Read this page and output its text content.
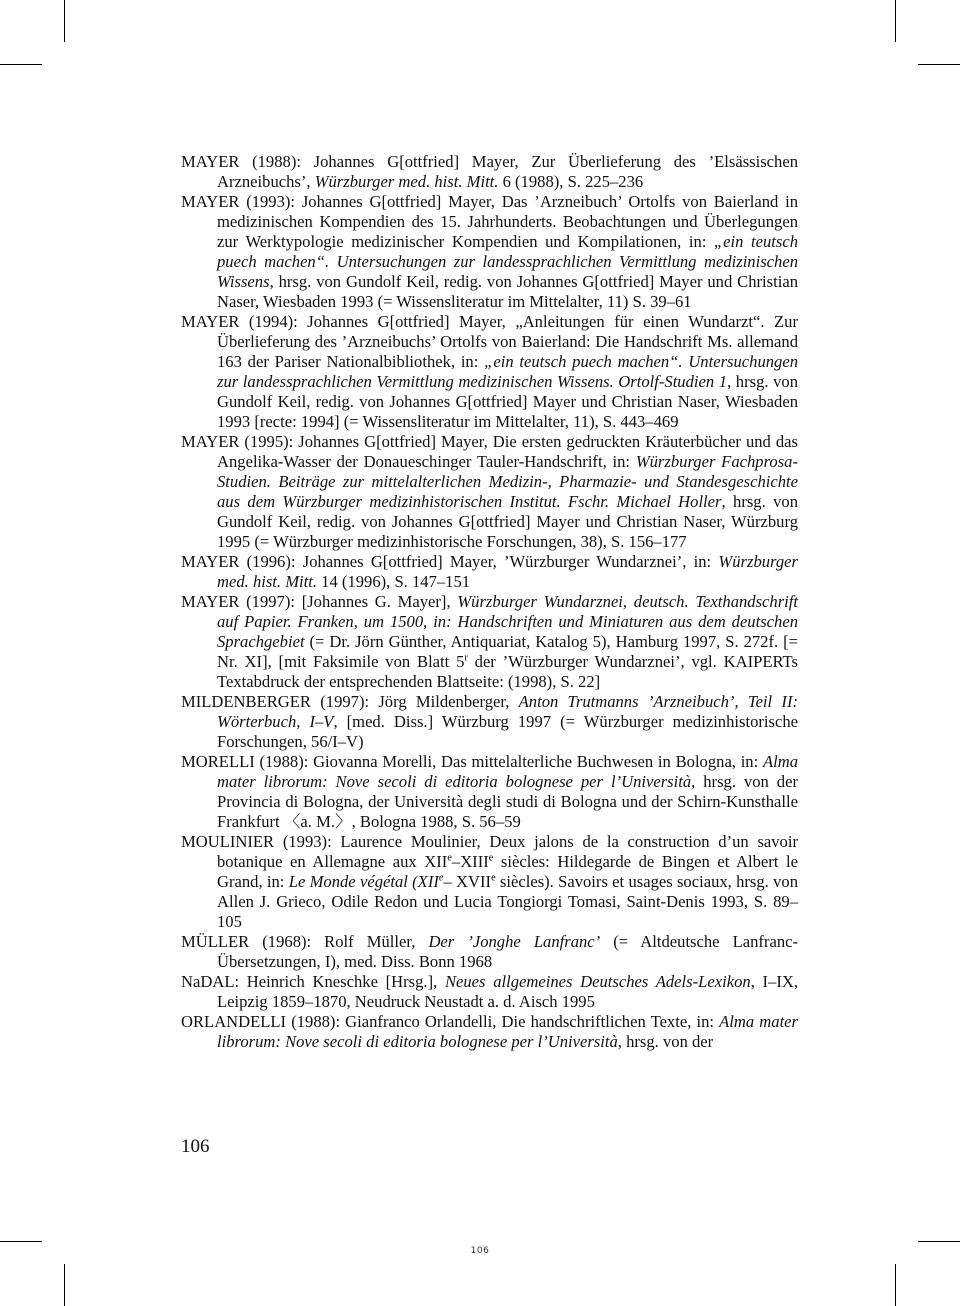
MAYER (1988): Johannes G[ottfried] Mayer, Zur Überlieferung des ’Elsässischen Arzneibuchs’, Würzburger med. hist. Mitt. 6 (1988), S. 225–236
MAYER (1993): Johannes G[ottfried] Mayer, Das ’Arzneibuch’ Ortolfs von Baierland in medizinischen Kompendien des 15. Jahrhunderts. Beobachtungen und Überlegungen zur Werktypologie medizinischer Kompendien und Kompilationen, in: „ein teutsch puech machen“. Untersuchungen zur landessprachlichen Vermittlung medizinischen Wissens, hrsg. von Gundolf Keil, redig. von Johannes G[ottfried] Mayer und Christian Naser, Wiesbaden 1993 (= Wissensliteratur im Mittelalter, 11) S. 39–61
MAYER (1994): Johannes G[ottfried] Mayer, „Anleitungen für einen Wundarzt“. Zur Überlieferung des ’Arzneibuchs’ Ortolfs von Baierland: Die Handschrift Ms. allemand 163 der Pariser Nationalbibliothek, in: „ein teutsch puech machen“. Untersuchungen zur landessprachlichen Vermittlung medizinischen Wissens. Ortolf-Studien 1, hrsg. von Gundolf Keil, redig. von Johannes G[ottfried] Mayer und Christian Naser, Wiesbaden 1993 [recte: 1994] (= Wissensliteratur im Mittelalter, 11), S. 443–469
MAYER (1995): Johannes G[ottfried] Mayer, Die ersten gedruckten Kräuterbücher und das Angelika-Wasser der Donaueschinger Tauler-Handschrift, in: Würzburger Fachprosa-Studien. Beiträge zur mittelalterlichen Medizin-, Pharmazie- und Standesgeschichte aus dem Würzburger medizinhistorischen Institut. Fschr. Michael Holler, hrsg. von Gundolf Keil, redig. von Johannes G[ottfried] Mayer und Christian Naser, Würzburg 1995 (= Würzburger medizinhistorische Forschungen, 38), S. 156–177
MAYER (1996): Johannes G[ottfried] Mayer, ’Würzburger Wundarznei’, in: Würzburger med. hist. Mitt. 14 (1996), S. 147–151
MAYER (1997): [Johannes G. Mayer], Würzburger Wundarznei, deutsch. Texthandschrift auf Papier. Franken, um 1500, in: Handschriften und Miniaturen aus dem deutschen Sprachgebiet (= Dr. Jörn Günther, Antiquariat, Katalog 5), Hamburg 1997, S. 272f. [= Nr. XI], [mit Faksimile von Blatt 5$^r$ der ’Würzburger Wundarznei’, vgl. KAIPERTs Textabdruck der entsprechenden Blattseite: (1998), S. 22]
MILDENBERGER (1997): Jörg Mildenberger, Anton Trutmanns ’Arzneibuch’, Teil II: Wörterbuch, I–V, [med. Diss.] Würzburg 1997 (= Würzburger medizinhistorische Forschungen, 56/I–V)
MORELLI (1988): Giovanna Morelli, Das mittelalterliche Buchwesen in Bologna, in: Alma mater librorum: Nove secoli di editoria bolognese per l’Università, hrsg. von der Provincia di Bologna, der Università degli studi di Bologna und der Schirn-Kunsthalle Frankfurt 〈a. M.〉, Bologna 1988, S. 56–59
MOULINIER (1993): Laurence Moulinier, Deux jalons de la construction d’un savoir botanique en Allemagne aux XIIe–XIIIe siècles: Hildegarde de Bingen et Albert le Grand, in: Le Monde végétal (XIIe– XVIIe siècles). Savoirs et usages sociaux, hrsg. von Allen J. Grieco, Odile Redon und Lucia Tongiorgi Tomasi, Saint-Denis 1993, S. 89–105
MÜLLER (1968): Rolf Müller, Der ’Jonghe Lanfranc’ (= Altdeutsche Lanfranc-Übersetzungen, I), med. Diss. Bonn 1968
NaDAL: Heinrich Kneschke [Hrsg.], Neues allgemeines Deutsches Adels-Lexikon, I–IX, Leipzig 1859–1870, Neudruck Neustadt a. d. Aisch 1995
ORLANDELLI (1988): Gianfranco Orlandelli, Die handschriftlichen Texte, in: Alma mater librorum: Nove secoli di editoria bolognese per l’Università, hrsg. von der
106
106
